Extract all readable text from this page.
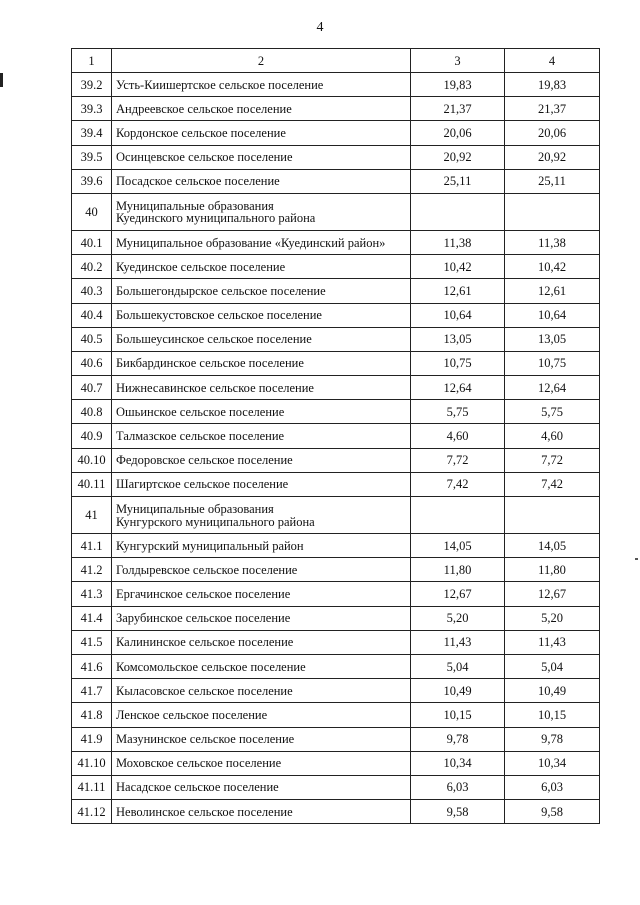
4
1	2	3	4
39.2	Усть-Киишертское сельское поселение	19,83	19,83
39.3	Андреевское сельское поселение	21,37	21,37
39.4	Кордонское сельское поселение	20,06	20,06
39.5	Осинцевское сельское поселение	20,92	20,92
39.6	Посадское сельское поселение	25,11	25,11
40	Муниципальные образования
Куединского муниципального района		
40.1	Муниципальное образование «Куединский район»	11,38	11,38
40.2	Куединское сельское поселение	10,42	10,42
40.3	Большегондырское сельское поселение	12,61	12,61
40.4	Большекустовское сельское поселение	10,64	10,64
40.5	Большеусинское сельское поселение	13,05	13,05
40.6	Бикбардинское сельское поселение	10,75	10,75
40.7	Нижнесавинское сельское поселение	12,64	12,64
40.8	Ошьинское сельское поселение	5,75	5,75
40.9	Талмазское сельское поселение	4,60	4,60
40.10	Федоровское сельское поселение	7,72	7,72
40.11	Шагиртское сельское поселение	7,42	7,42
41	Муниципальные образования
Кунгурского муниципального района		
41.1	Кунгурский муниципальный район	14,05	14,05
41.2	Голдыревское сельское поселение	11,80	11,80
41.3	Ергачинское сельское поселение	12,67	12,67
41.4	Зарубинское сельское поселение	5,20	5,20
41.5	Калининское сельское поселение	11,43	11,43
41.6	Комсомольское сельское поселение	5,04	5,04
41.7	Кыласовское сельское поселение	10,49	10,49
41.8	Ленское сельское поселение	10,15	10,15
41.9	Мазунинское сельское поселение	9,78	9,78
41.10	Моховское сельское поселение	10,34	10,34
41.11	Насадское сельское поселение	6,03	6,03
41.12	Неволинское сельское поселение	9,58	9,58
